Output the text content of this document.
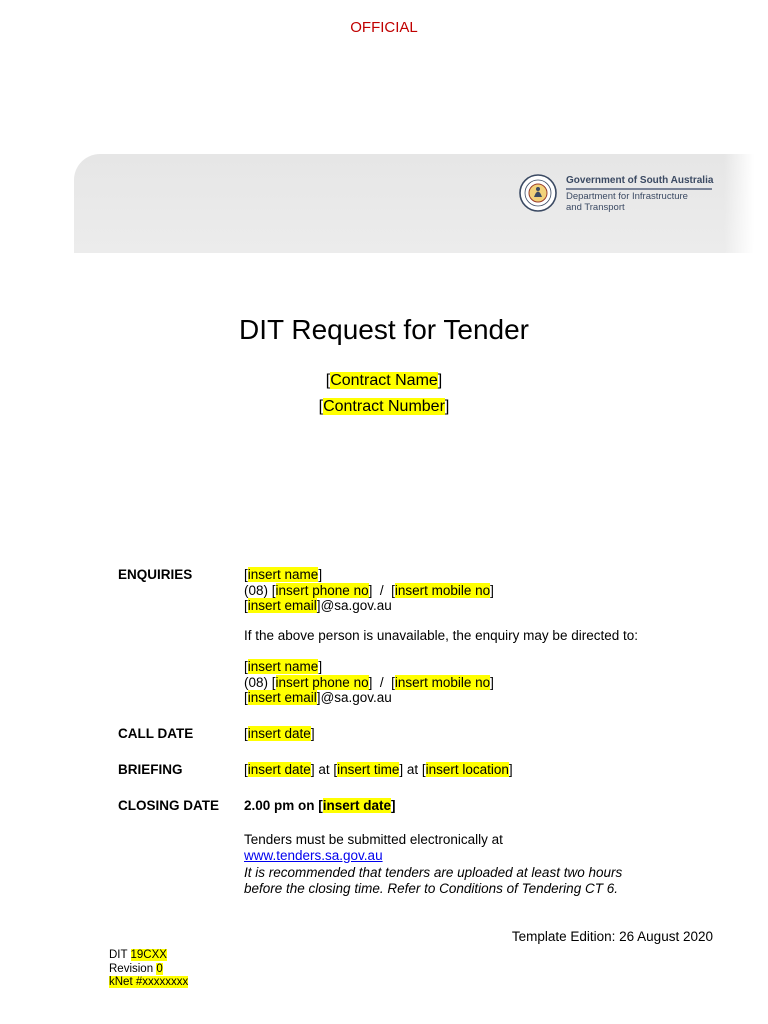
OFFICIAL
Government of South Australia
Department for Infrastructure
and Transport
DIT Request for Tender
[Contract Name]
[Contract Number]
ENQUIRIES	[insert name]
(08) [insert phone no]  /  [insert mobile no]
[insert email]@sa.gov.au
If the above person is unavailable, the enquiry may be directed to:
[insert name]
(08) [insert phone no]  /  [insert mobile no]
[insert email]@sa.gov.au
CALL DATE	[insert date]
BRIEFING	[insert date] at [insert time] at [insert location]
CLOSING DATE 2.00 pm on [insert date]
Tenders must be submitted electronically at
www.tenders.sa.gov.au
It is recommended that tenders are uploaded at least two hours
before the closing time. Refer to Conditions of Tendering CT 6.
Template Edition: 26 August 2020
DIT 19CXX
Revision 0
kNet #xxxxxxxx
